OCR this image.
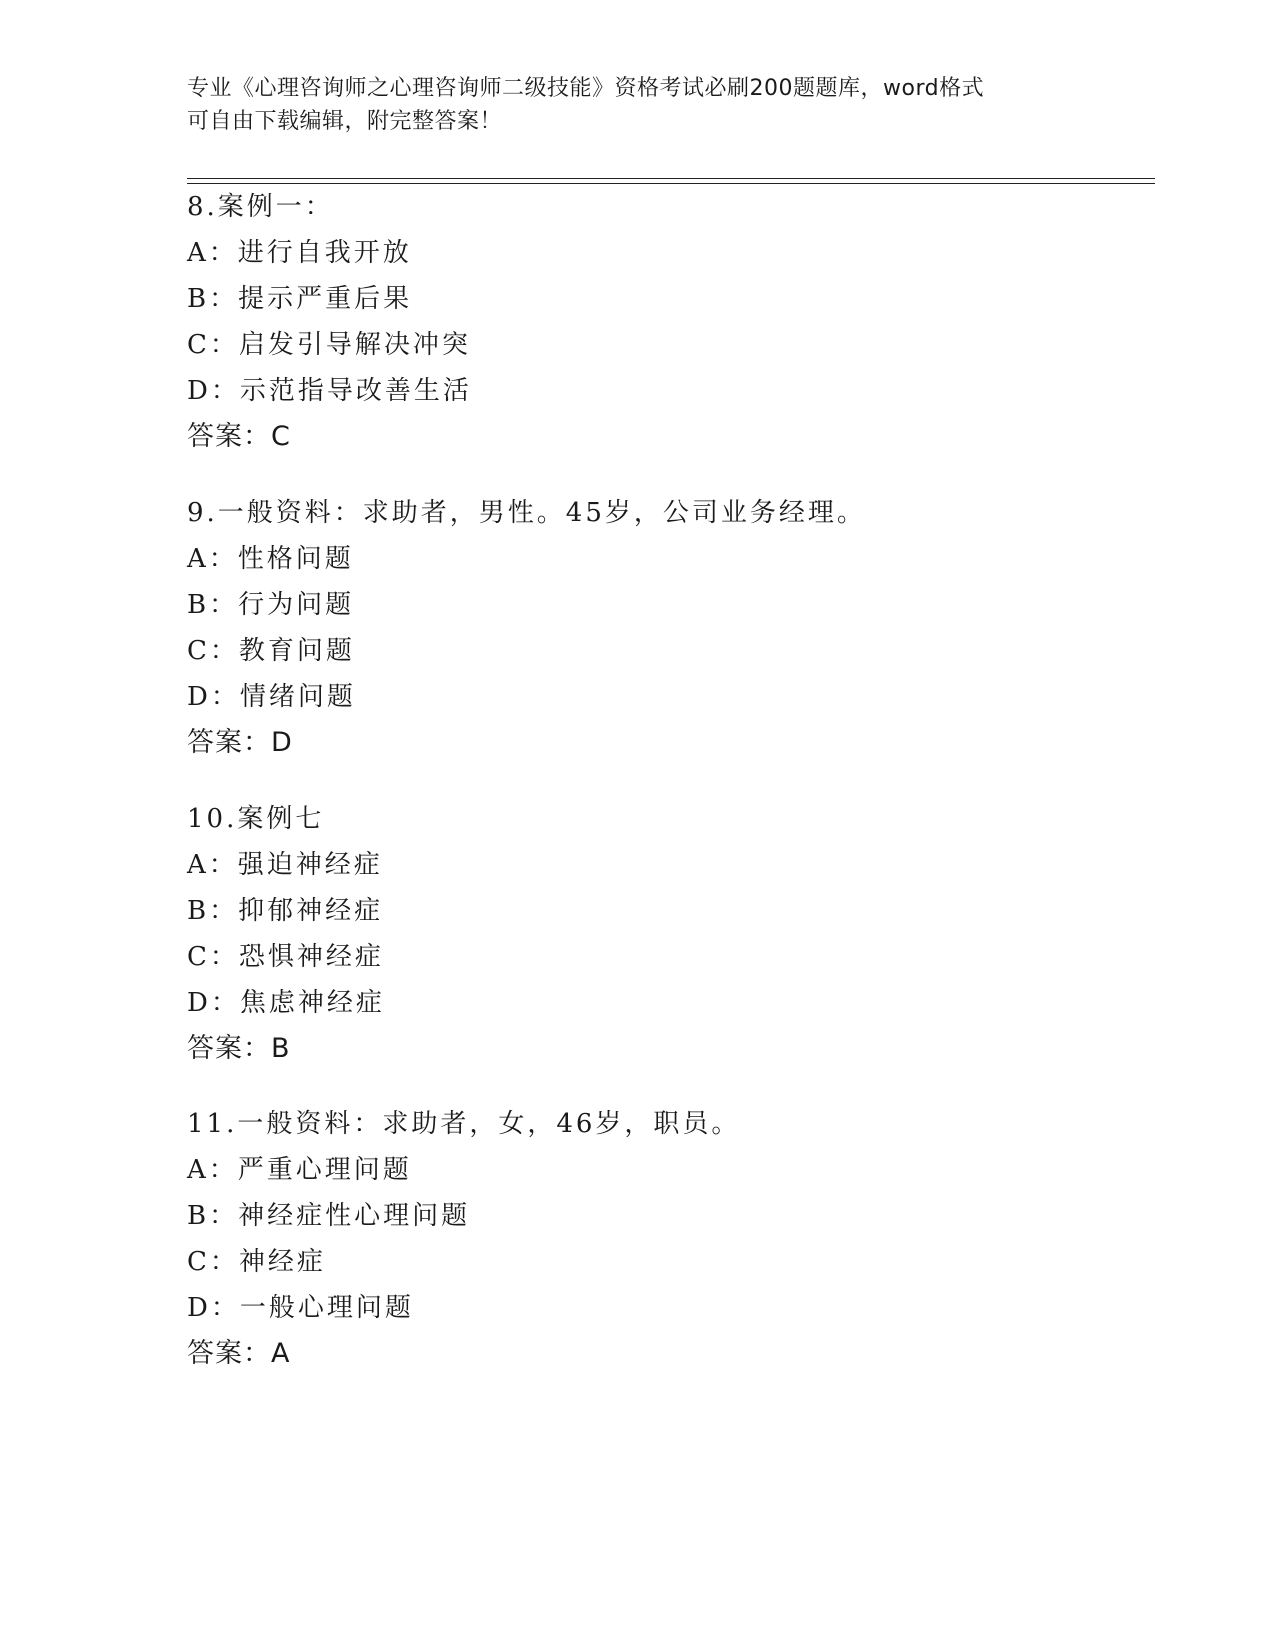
专业《心理咨询师之心理咨询师二级技能》资格考试必刷200题题库，word格式
可自由下载编辑，附完整答案！
8.案例一：
A：进行自我开放
B：提示严重后果
C：启发引导解决冲突
D：示范指导改善生活
答案：C
9.一般资料：求助者，男性。45岁，公司业务经理。
A：性格问题
B：行为问题
C：教育问题
D：情绪问题
答案：D
10.案例七
A：强迫神经症
B：抑郁神经症
C：恐惧神经症
D：焦虑神经症
答案：B
11.一般资料：求助者，女，46岁，职员。
A：严重心理问题
B：神经症性心理问题
C：神经症
D：一般心理问题
答案：A
